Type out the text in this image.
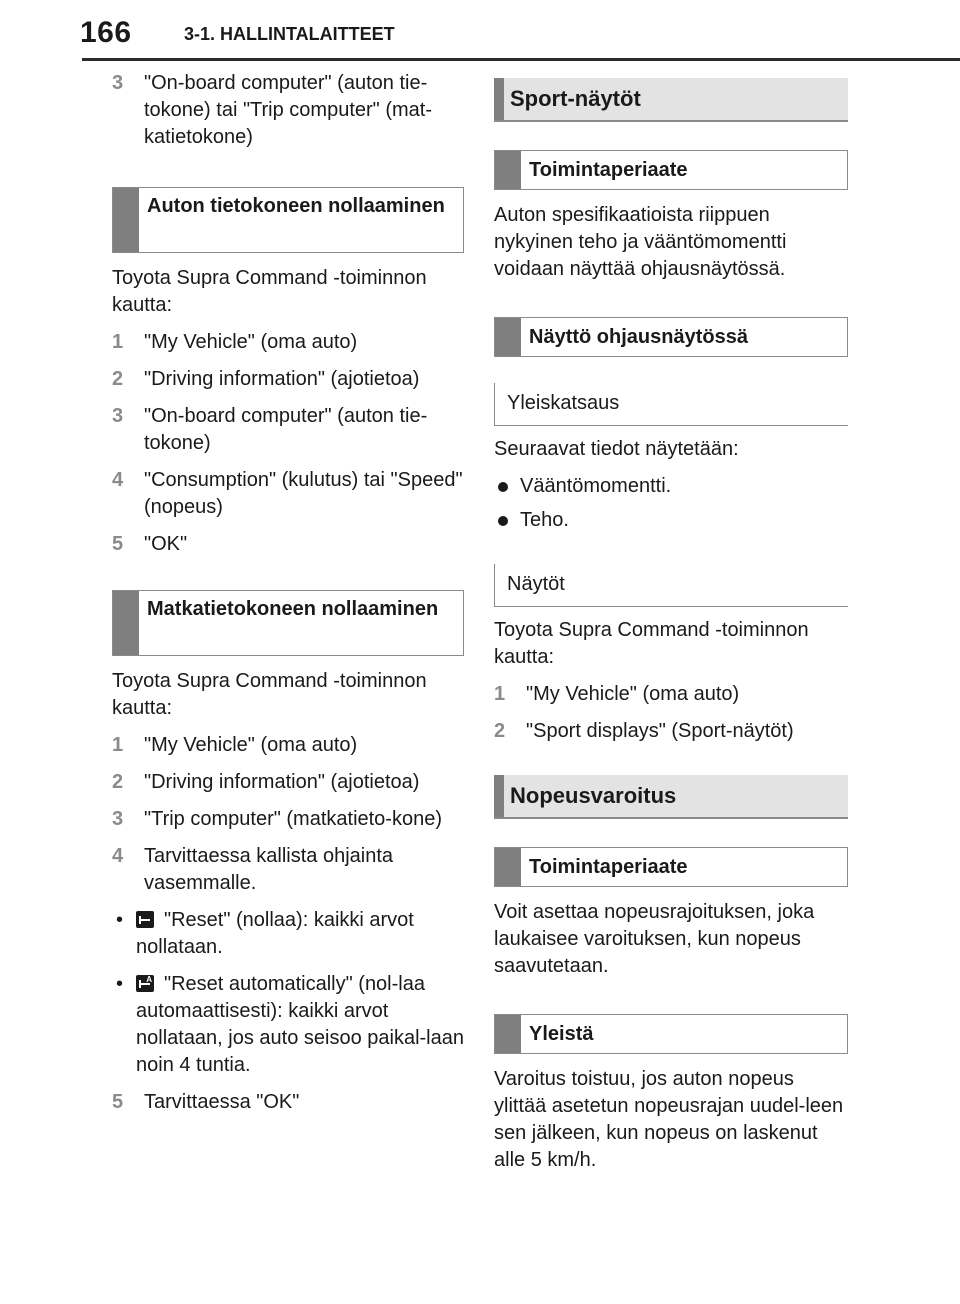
166	3-1. HALLINTALAITTEET
3 "On-board computer" (auton tie-tokone) tai "Trip computer" (mat-katietokone)
Auton tietokoneen nollaaminen

Toyota Supra Command -toiminnon kautta:

1 "My Vehicle" (oma auto)
2 "Driving information" (ajotietoa)
3 "On-board computer" (auton tie-tokone)
4 "Consumption" (kulutus) tai "Speed" (nopeus)
5 "OK"
Matkatietokoneen nollaaminen

Toyota Supra Command -toiminnon kautta:

1 "My Vehicle" (oma auto)
2 "Driving information" (ajotietoa)
3 "Trip computer" (matkatieto-kone)
4 Tarvittaessa kallista ohjainta vasemmalle.
• "Reset" (nollaa): kaikki arvot nollataan.
•	A "Reset automatically" (nol-laa automaattisesti): kaikki arvot nollataan, jos auto seisoo paikal-laan noin 4 tuntia.
5 Tarvittaessa "OK"
Sport-näytöt
Toimintaperiaate

Auton spesifikaatioista riippuen nykyinen teho ja vääntömomentti voidaan näyttää ohjausnäytössä.

Näyttö ohjausnäytössä
Yleiskatsaus

Seuraavat tiedot näytetään:

Vääntömomentti.
Teho.
Näytöt

Toyota Supra Command -toiminnon kautta:

1 "My Vehicle" (oma auto)
2 "Sport displays" (Sport-näytöt)
Nopeusvaroitus
Toimintaperiaate

Voit asettaa nopeusrajoituksen, joka laukaisee varoituksen, kun nopeus saavutetaan.

Yleistä

Varoitus toistuu, jos auton nopeus ylittää asetetun nopeusrajan uudel-leen sen jälkeen, kun nopeus on laskenut alle 5 km/h.
